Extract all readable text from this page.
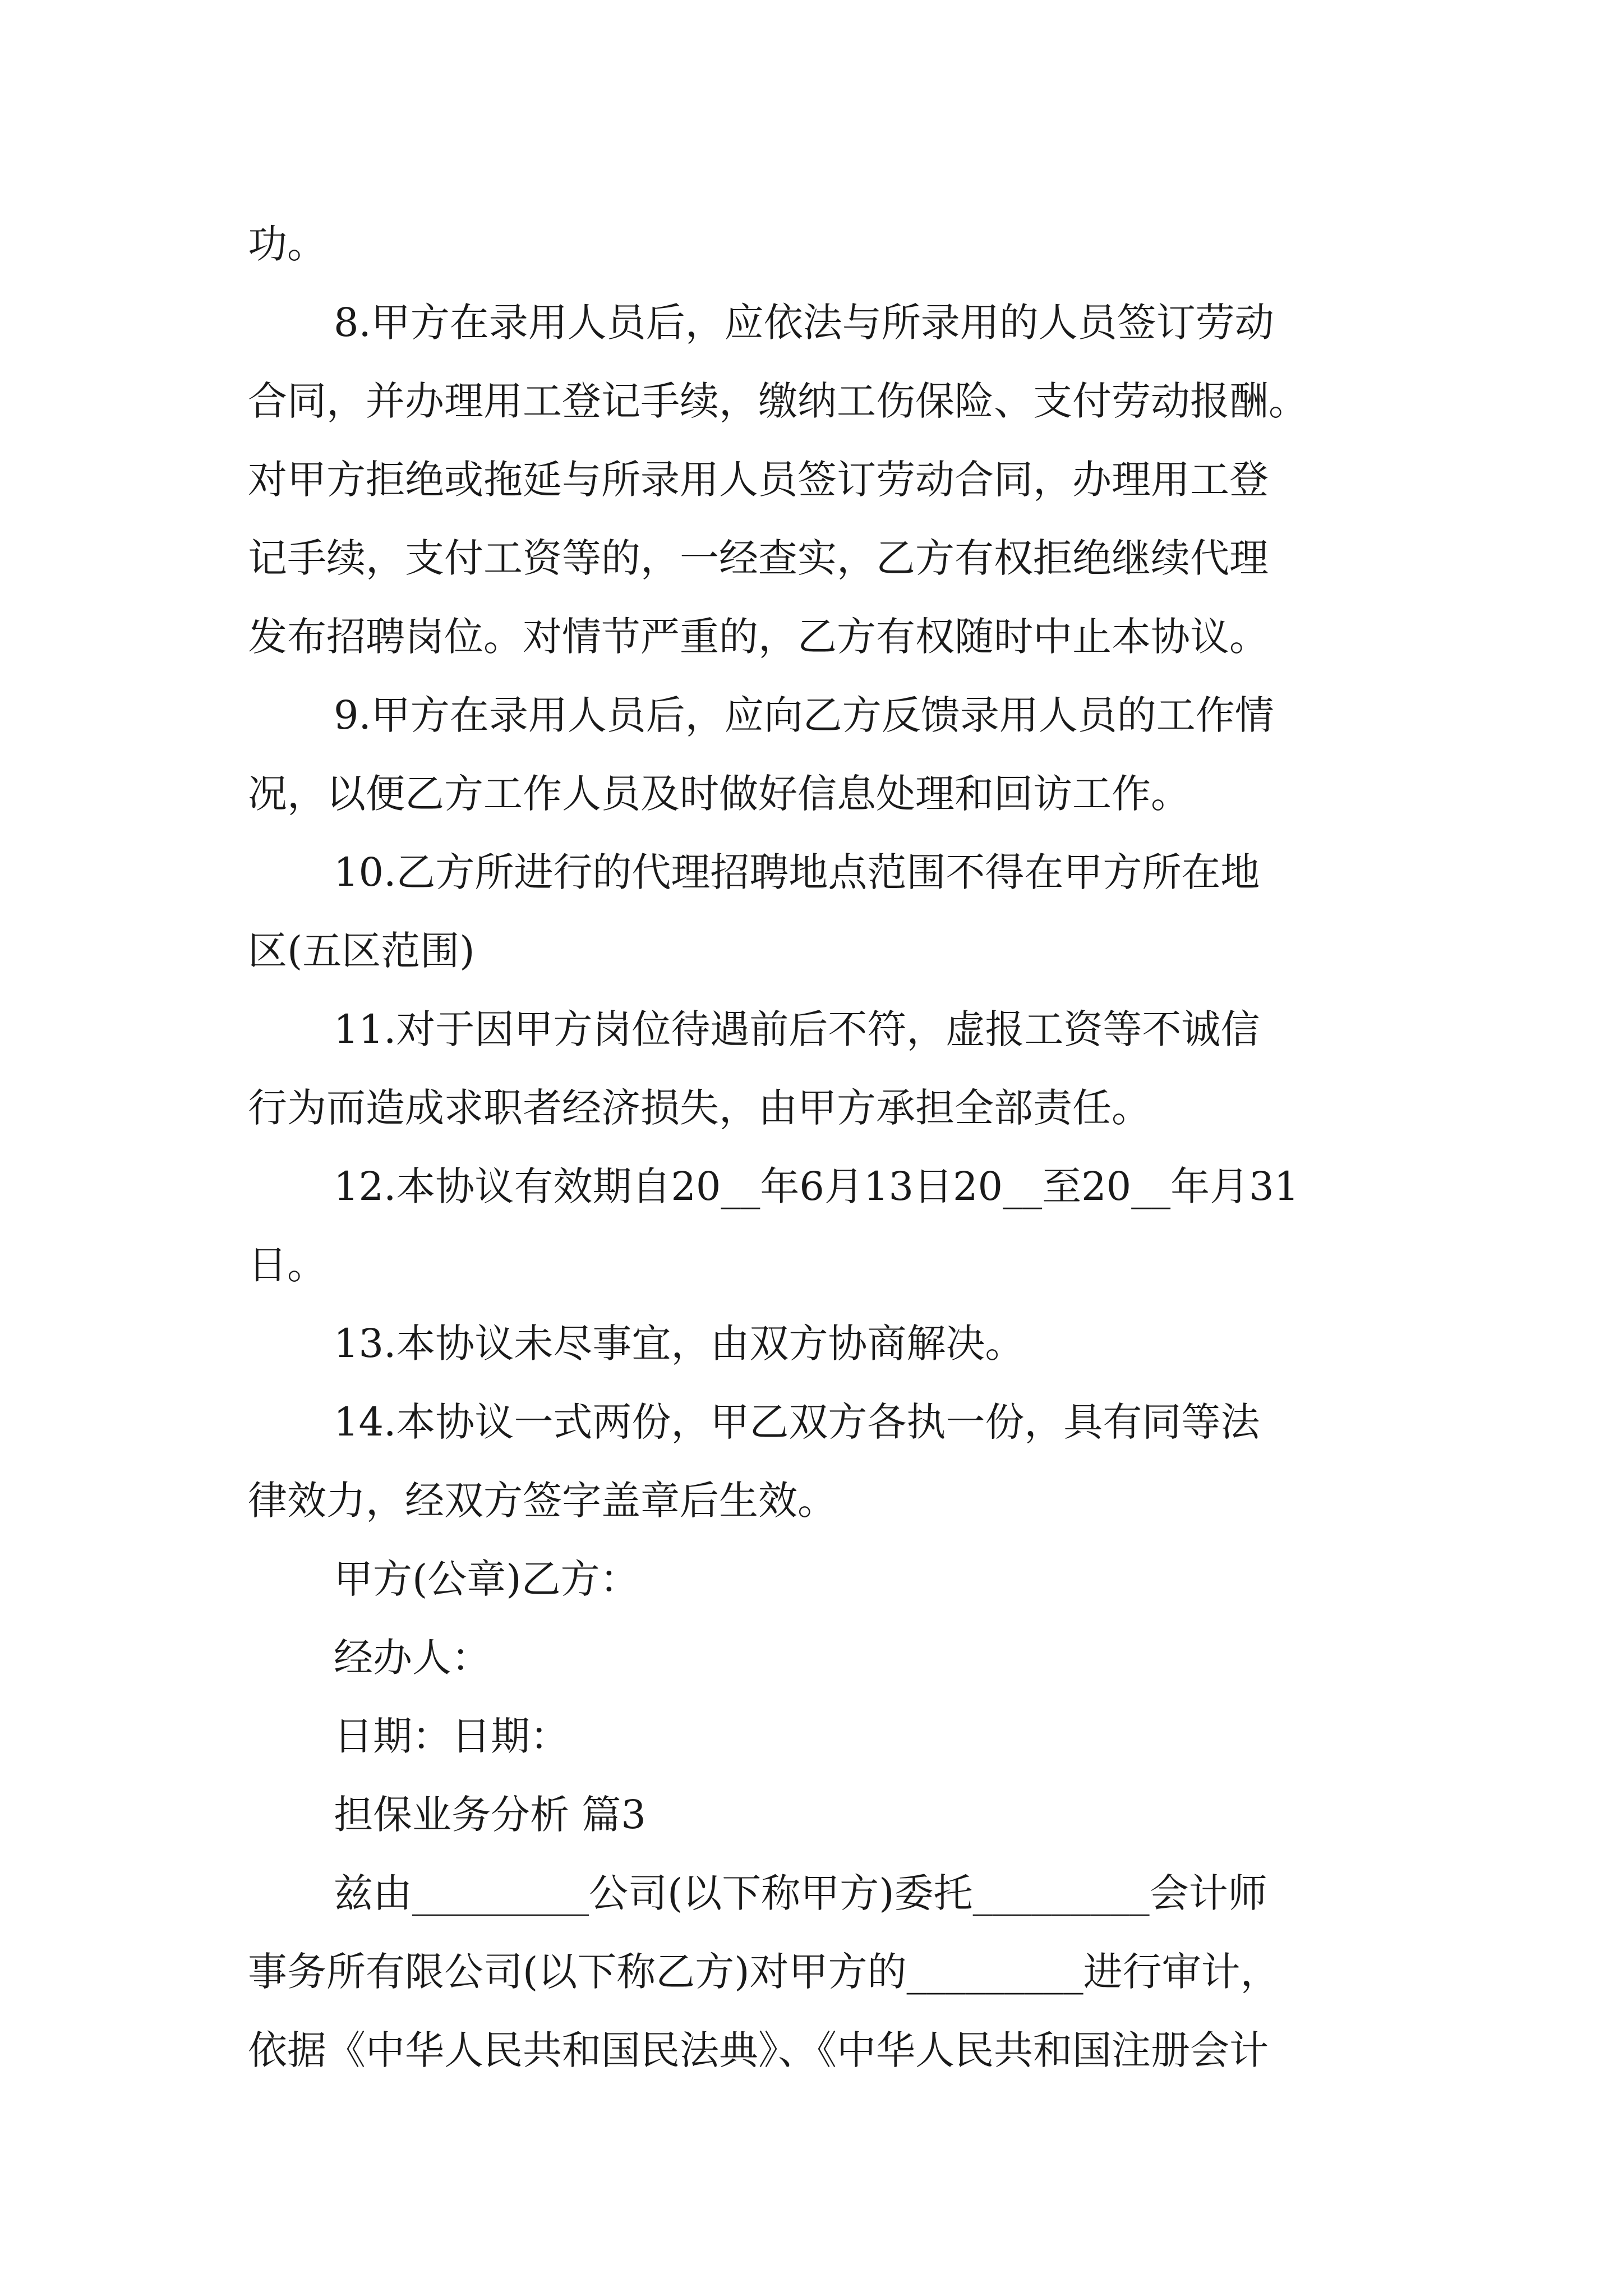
功。
8.甲方在录用人员后，应依法与所录用的人员签订劳动
合同，并办理用工登记手续，缴纳工伤保险、支付劳动报酬。
对甲方拒绝或拖延与所录用人员签订劳动合同，办理用工登
记手续，支付工资等的，一经查实，乙方有权拒绝继续代理
发布招聘岗位。对情节严重的，乙方有权随时中止本协议。
9.甲方在录用人员后，应向乙方反馈录用人员的工作情
况，以便乙方工作人员及时做好信息处理和回访工作。
10.乙方所进行的代理招聘地点范围不得在甲方所在地
区(五区范围)
11.对于因甲方岗位待遇前后不符，虚报工资等不诚信
行为而造成求职者经济损失，由甲方承担全部责任。
12.本协议有效期自20__年6月13日20__至20__年月31
日。
13.本协议未尽事宜，由双方协商解决。
14.本协议一式两份，甲乙双方各执一份，具有同等法
律效力，经双方签字盖章后生效。
甲方(公章)乙方：
经办人：
日期：日期：
担保业务分析 篇3
兹由_________公司(以下称甲方)委托_________会计师
事务所有限公司(以下称乙方)对甲方的_________进行审计，
依据《中华人民共和国民法典》、《中华人民共和国注册会计
